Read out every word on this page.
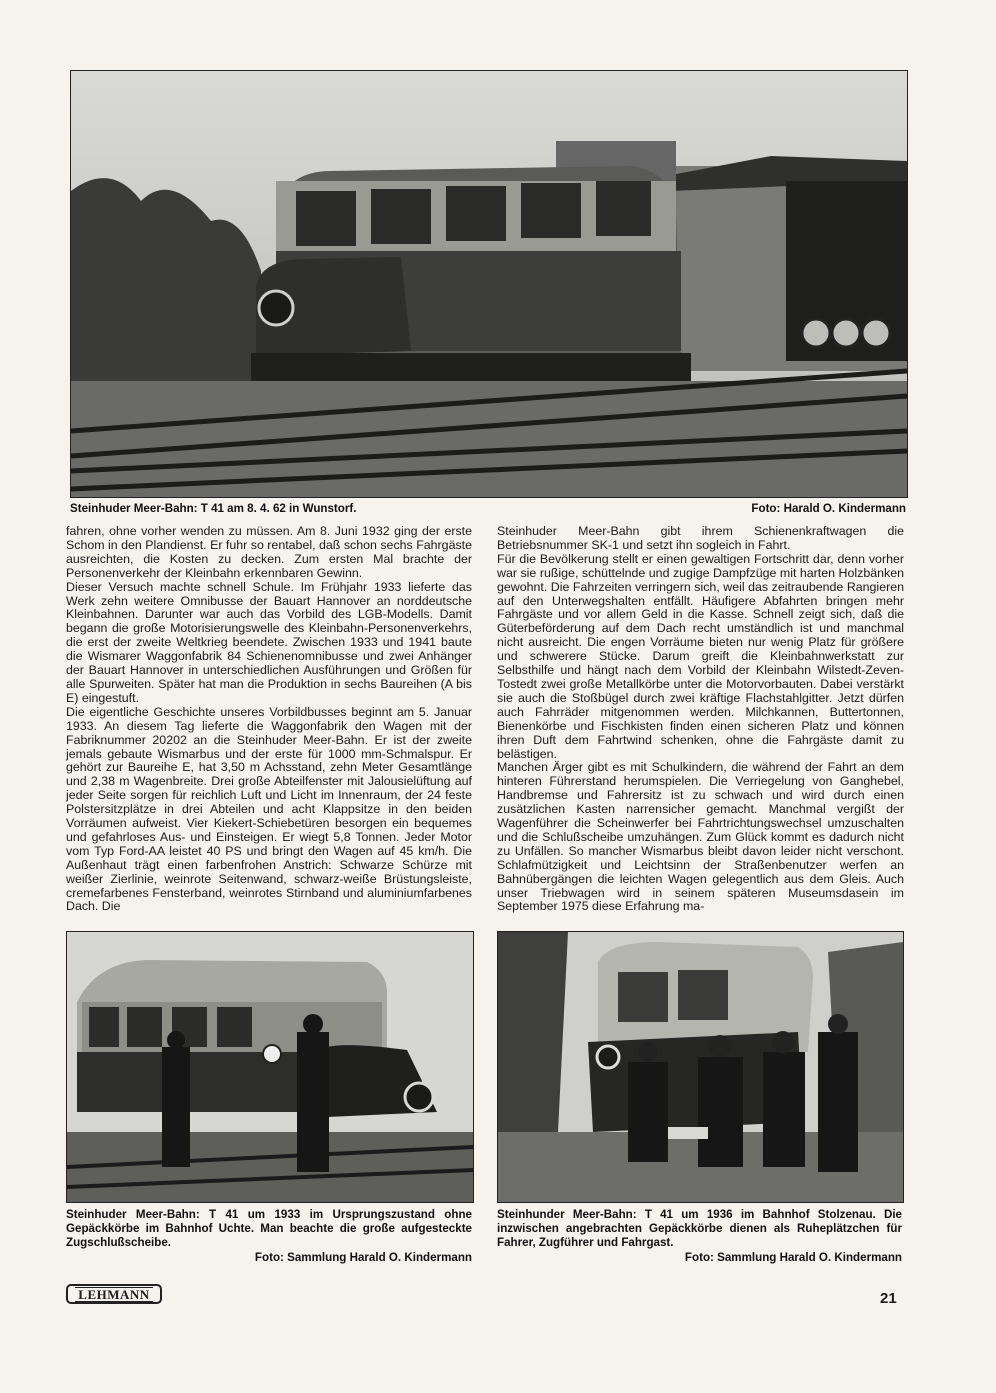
Steinhuder Meer-Bahn: T 41 am 8. 4. 62 in Wunstorf.	Foto: Harald O. Kindermann

fahren, ohne vorher wenden zu müssen. Am 8. Juni 1932 ging der erste Schom in den Plandienst. Er fuhr so rentabel, daß schon sechs Fahrgäste ausreichten, die Kosten zu decken. Zum ersten Mal brachte der Personenverkehr der Kleinbahn erkennbaren Gewinn.

Dieser Versuch machte schnell Schule. Im Frühjahr 1933 lieferte das Werk zehn weitere Omnibusse der Bauart Hannover an norddeutsche Kleinbahnen. Darunter war auch das Vorbild des LGB-Modells. Damit begann die große Motorisierungswelle des Kleinbahn-Personenverkehrs, die erst der zweite Weltkrieg beendete. Zwischen 1933 und 1941 baute die Wismarer Waggonfabrik 84 Schienenomnibusse und zwei Anhänger der Bauart Hannover in unterschiedlichen Ausführungen und Größen für alle Spurweiten. Später hat man die Produktion in sechs Baureihen (A bis E) eingestuft.

Die eigentliche Geschichte unseres Vorbildbusses beginnt am 5. Januar 1933. An diesem Tag lieferte die Waggonfabrik den Wagen mit der Fabriknummer 20202 an die Steinhuder Meer-Bahn. Er ist der zweite jemals gebaute Wismarbus und der erste für 1000 mm-Schmalspur. Er gehört zur Baureihe E, hat 3,50 m Achsstand, zehn Meter Gesamtlänge und 2,38 m Wagenbreite. Drei große Abteilfenster mit Jalousielüftung auf jeder Seite sorgen für reichlich Luft und Licht im Innenraum, der 24 feste Polstersitzplätze in drei Abteilen und acht Klappsitze in den beiden Vorräumen aufweist. Vier Kiekert-Schiebetüren besorgen ein bequemes und gefahrloses Aus- und Einsteigen. Er wiegt 5,8 Tonnen. Jeder Motor vom Typ Ford-AA leistet 40 PS und bringt den Wagen auf 45 km/h. Die Außenhaut trägt einen farbenfrohen Anstrich: Schwarze Schürze mit weißer Zierlinie, weinrote Seitenwand, schwarz-weiße Brüstungsleiste, cremefarbenes Fensterband, weinrotes Stirnband und aluminiumfarbenes Dach. Die

Steinhuder Meer-Bahn gibt ihrem Schienenkraftwagen die Betriebsnummer SK-1 und setzt ihn sogleich in Fahrt.

Für die Bevölkerung stellt er einen gewaltigen Fortschritt dar, denn vorher war sie rußige, schüttelnde und zugige Dampfzüge mit harten Holzbänken gewohnt. Die Fahrzeiten verringern sich, weil das zeitraubende Rangieren auf den Unterwegshalten entfällt. Häufigere Abfahrten bringen mehr Fahrgäste und vor allem Geld in die Kasse. Schnell zeigt sich, daß die Güterbeförderung auf dem Dach recht umständlich ist und manchmal nicht ausreicht. Die engen Vorräume bieten nur wenig Platz für größere und schwerere Stücke. Darum greift die Kleinbahnwerkstatt zur Selbsthilfe und hängt nach dem Vorbild der Kleinbahn Wilstedt-Zeven-Tostedt zwei große Metallkörbe unter die Motorvorbauten. Dabei verstärkt sie auch die Stoßbügel durch zwei kräftige Flachstahlgitter. Jetzt dürfen auch Fahrräder mitgenommen werden. Milchkannen, Buttertonnen, Bienenkörbe und Fischkisten finden einen sicheren Platz und können ihren Duft dem Fahrtwind schenken, ohne die Fahrgäste damit zu belästigen.

Manchen Ärger gibt es mit Schulkindern, die während der Fahrt an dem hinteren Führerstand herumspielen. Die Verriegelung von Ganghebel, Handbremse und Fahrersitz ist zu schwach und wird durch einen zusätzlichen Kasten narrensicher gemacht. Manchmal vergißt der Wagenführer die Scheinwerfer bei Fahrtrichtungswechsel umzuschalten und die Schlußscheibe umzuhängen. Zum Glück kommt es dadurch nicht zu Unfällen. So mancher Wismarbus bleibt davon leider nicht verschont. Schlafmützigkeit und Leichtsinn der Straßenbenutzer werfen an Bahnübergängen die leichten Wagen gelegentlich aus dem Gleis. Auch unser Triebwagen wird in seinem späteren Museumsdasein im September 1975 diese Erfahrung ma-

Steinhuder Meer-Bahn: T 41 um 1933 im Ursprungszustand ohne Gepäckkörbe im Bahnhof Uchte. Man beachte die große aufgesteckte Zugschlußscheibe.
Foto: Sammlung Harald O. Kindermann
Steinhunder Meer-Bahn: T 41 um 1936 im Bahnhof Stolzenau. Die inzwischen angebrachten Gepäckkörbe dienen als Ruheplätzchen für Fahrer, Zugführer und Fahrgast.
Foto: Sammlung Harald O. Kindermann
LEHMANN	21
